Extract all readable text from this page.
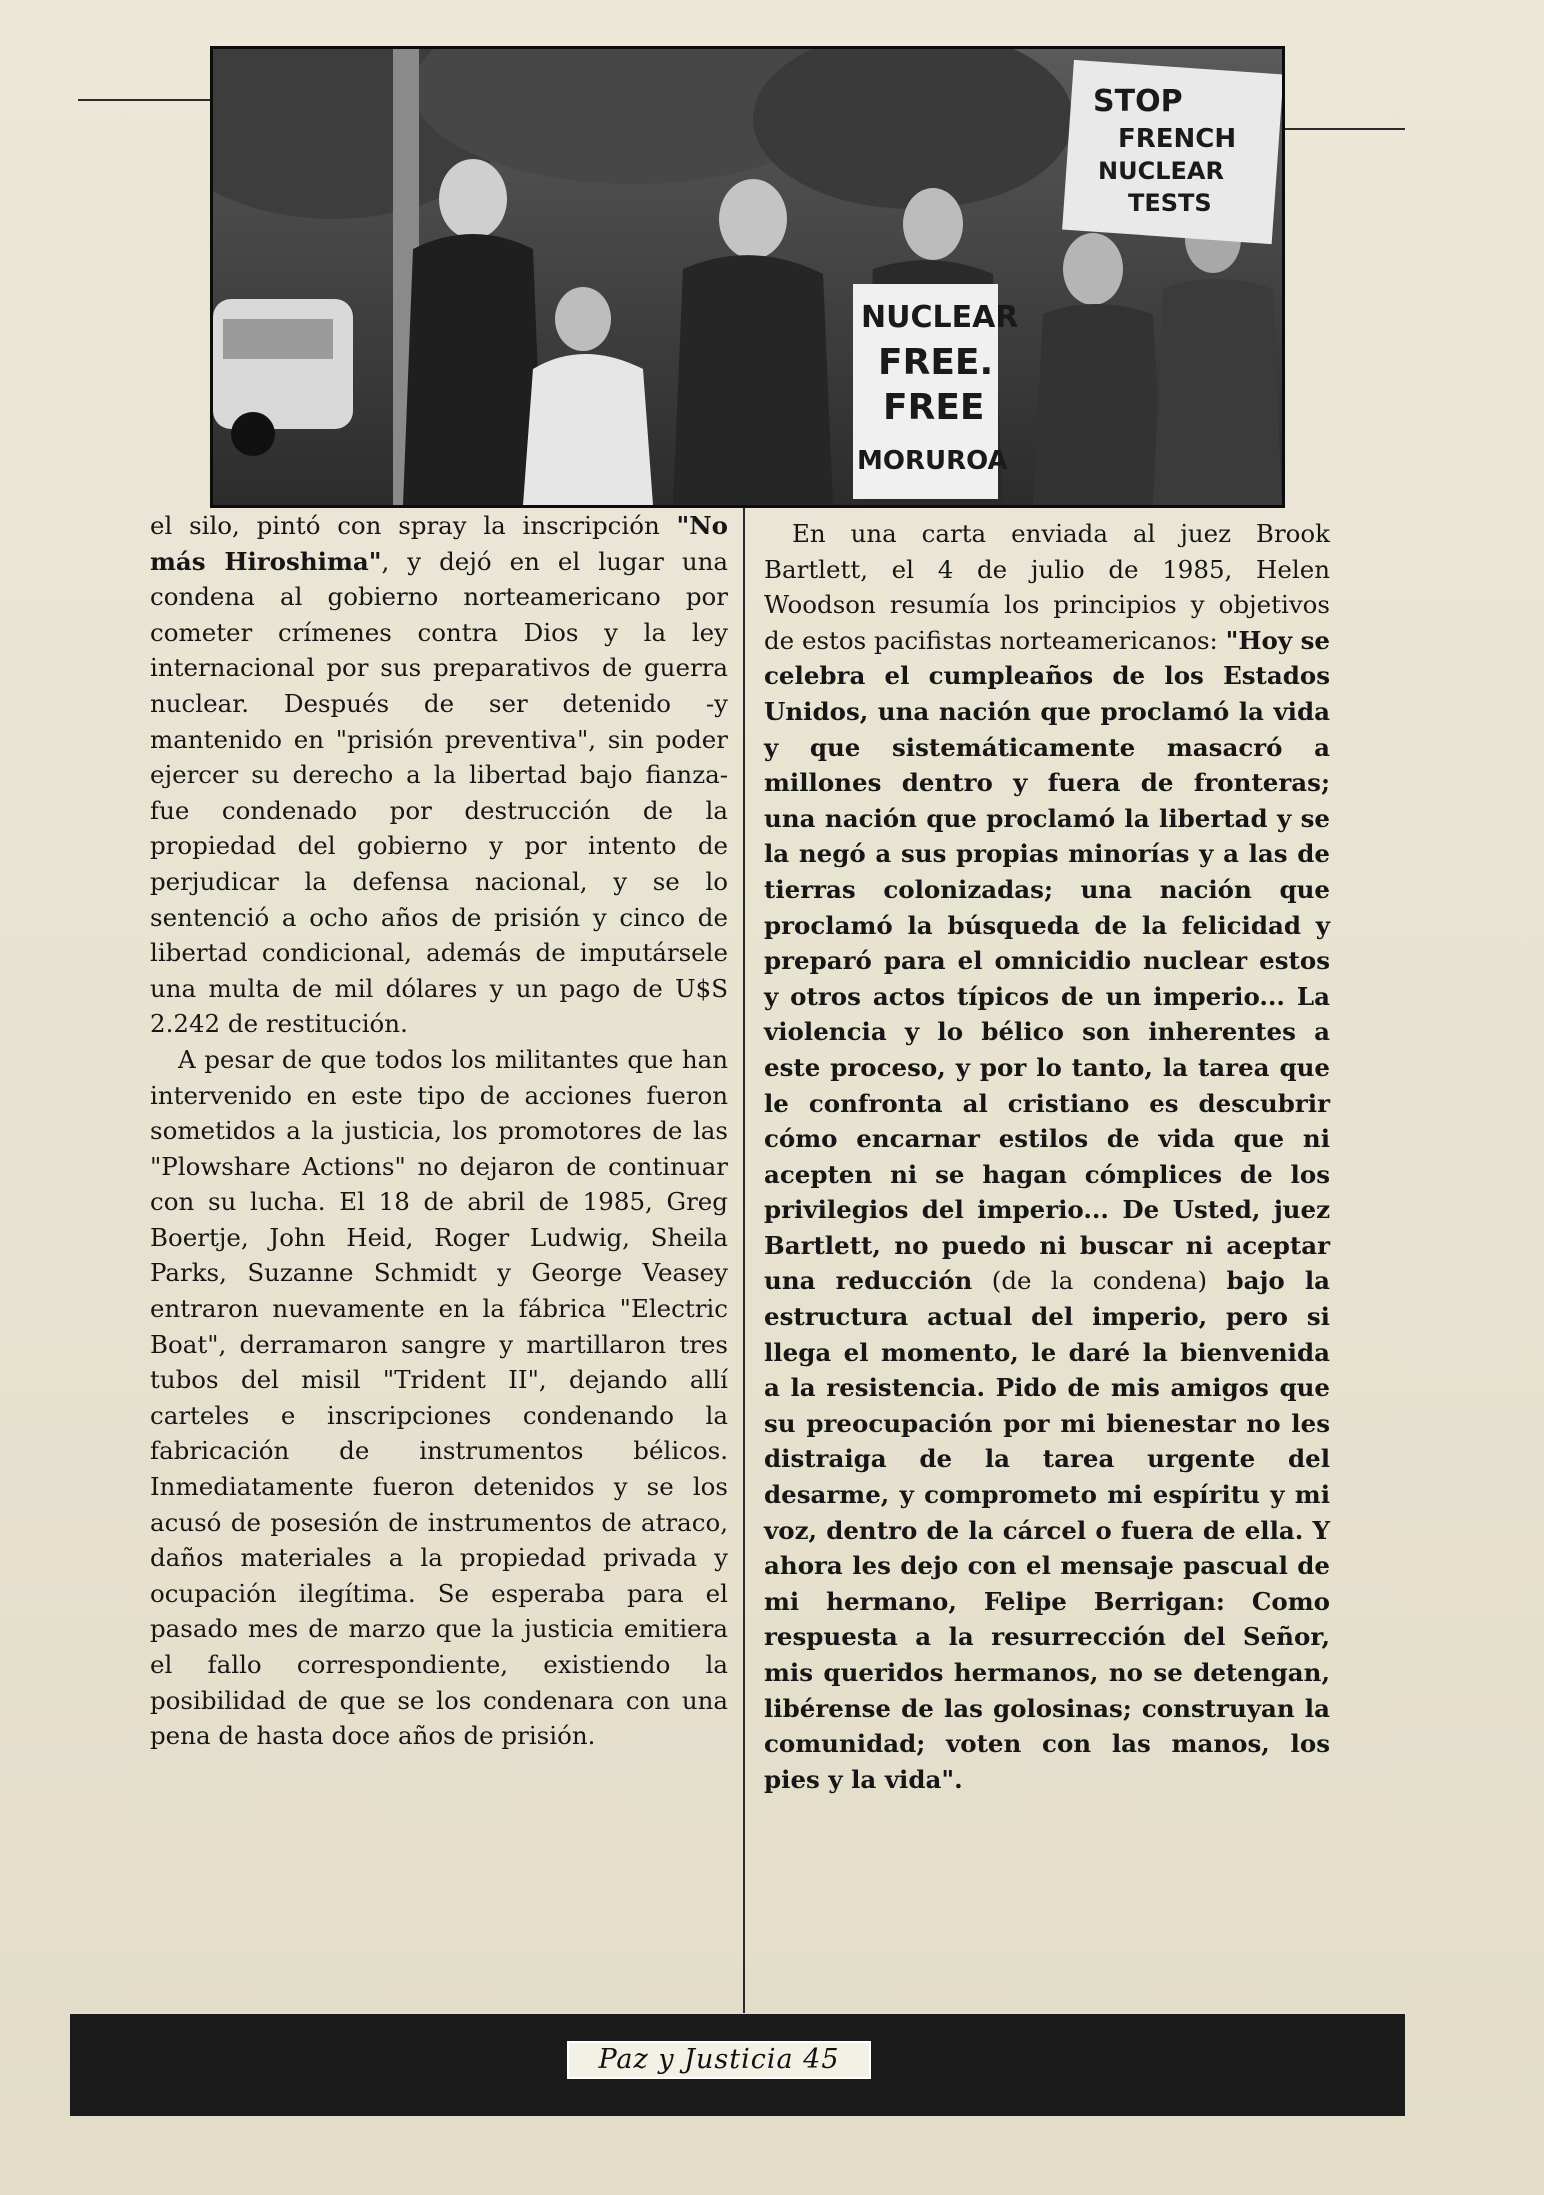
STOP
FRENCH
NUCLEAR
TESTS
NUCLEAR
FREE.
FREE
MORUROA

el silo, pintó con spray la inscripción "No más Hiroshima", y dejó en el lugar una condena al gobierno norteamericano por cometer crímenes contra Dios y la ley internacional por sus preparativos de guerra nuclear. Después de ser detenido -y mantenido en "prisión preventiva", sin poder ejercer su derecho a la libertad bajo fianza- fue condenado por destrucción de la propiedad del gobierno y por intento de perjudicar la defensa nacional, y se lo sentenció a ocho años de prisión y cinco de libertad condicional, además de imputársele una multa de mil dólares y un pago de U$S 2.242 de restitución.

A pesar de que todos los militantes que han intervenido en este tipo de acciones fueron sometidos a la justicia, los promotores de las "Plowshare Actions" no dejaron de continuar con su lucha. El 18 de abril de 1985, Greg Boertje, John Heid, Roger Ludwig, Sheila Parks, Suzanne Schmidt y George Veasey entraron nuevamente en la fábrica "Electric Boat", derramaron sangre y martillaron tres tubos del misil "Trident II", dejando allí carteles e inscripciones condenando la fabricación de instrumentos bélicos. Inmediatamente fueron detenidos y se los acusó de posesión de instrumentos de atraco, daños materiales a la propiedad privada y ocupación ilegítima. Se esperaba para el pasado mes de marzo que la justicia emitiera el fallo correspondiente, existiendo la posibilidad de que se los condenara con una pena de hasta doce años de prisión.

En una carta enviada al juez Brook Bartlett, el 4 de julio de 1985, Helen Woodson resumía los principios y objetivos de estos pacifistas norteamericanos: "Hoy se celebra el cumpleaños de los Estados Unidos, una nación que proclamó la vida y que sistemáticamente masacró a millones dentro y fuera de fronteras; una nación que proclamó la libertad y se la negó a sus propias minorías y a las de tierras colonizadas; una nación que proclamó la búsqueda de la felicidad y preparó para el omnicidio nuclear estos y otros actos típicos de un imperio... La violencia y lo bélico son inherentes a este proceso, y por lo tanto, la tarea que le confronta al cristiano es descubrir cómo encarnar estilos de vida que ni acepten ni se hagan cómplices de los privilegios del imperio... De Usted, juez Bartlett, no puedo ni buscar ni aceptar una reducción (de la condena) bajo la estructura actual del imperio, pero si llega el momento, le daré la bienvenida a la resistencia. Pido de mis amigos que su preocupación por mi bienestar no les distraiga de la tarea urgente del desarme, y comprometo mi espíritu y mi voz, dentro de la cárcel o fuera de ella. Y ahora les dejo con el mensaje pascual de mi hermano, Felipe Berrigan: Como respuesta a la resurrección del Señor, mis queridos hermanos, no se detengan, libérense de las golosinas; construyan la comunidad; voten con las manos, los pies y la vida".

Paz y Justicia 45
